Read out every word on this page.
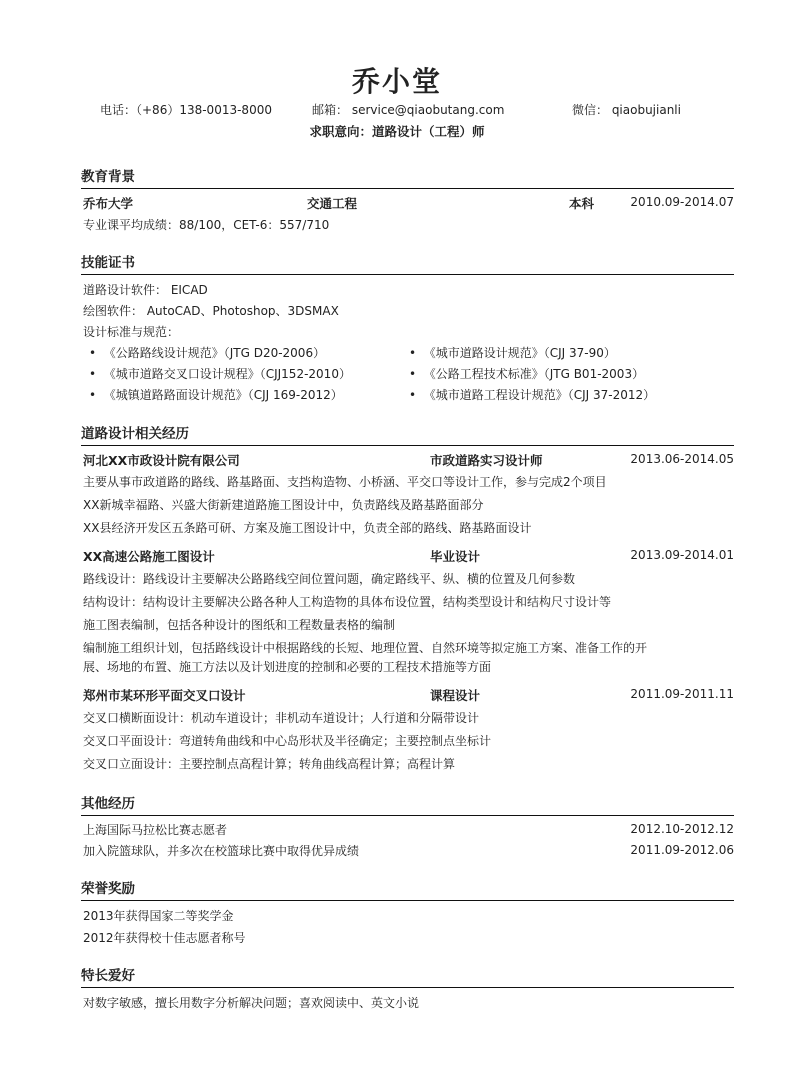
乔小堂
电话：（+86）138-0013-8000	邮箱： service@qiaobutang.com	微信： qiaobujianli
求职意向：道路设计（工程）师
教育背景
乔布大学	交通工程	本科	2010.09-2014.07
专业课平均成绩：88/100，CET-6：557/710
技能证书
道路设计软件： EICAD
绘图软件： AutoCAD、Photoshop、3DSMAX
设计标准与规范：
•  《公路路线设计规范》（JTG D20-2006）	•  《城市道路设计规范》（CJJ 37-90）
•  《城市道路交叉口设计规程》（CJJ152-2010）	•  《公路工程技术标准》（JTG B01-2003）
•  《城镇道路路面设计规范》（CJJ 169-2012）	•  《城市道路工程设计规范》（CJJ 37-2012）
道路设计相关经历
河北XX市政设计院有限公司	市政道路实习设计师	2013.06-2014.05
主要从事市政道路的路线、路基路面、支挡构造物、小桥涵、平交口等设计工作，参与完成2个项目
XX新城幸福路、兴盛大街新建道路施工图设计中，负责路线及路基路面部分
XX县经济开发区五条路可研、方案及施工图设计中，负责全部的路线、路基路面设计
XX高速公路施工图设计	毕业设计	2013.09-2014.01
路线设计：路线设计主要解决公路路线空间位置问题，确定路线平、纵、横的位置及几何参数
结构设计：结构设计主要解决公路各种人工构造物的具体布设位置，结构类型设计和结构尺寸设计等
施工图表编制，包括各种设计的图纸和工程数量表格的编制
编制施工组织计划，包括路线设计中根据路线的长短、地理位置、自然环境等拟定施工方案、准备工作的开
展、场地的布置、施工方法以及计划进度的控制和必要的工程技术措施等方面
郑州市某环形平面交叉口设计	课程设计	2011.09-2011.11
交叉口横断面设计：机动车道设计；非机动车道设计；人行道和分隔带设计
交叉口平面设计：弯道转角曲线和中心岛形状及半径确定；主要控制点坐标计
交叉口立面设计：主要控制点高程计算；转角曲线高程计算；高程计算
其他经历
上海国际马拉松比赛志愿者	2012.10-2012.12
加入院篮球队，并多次在校篮球比赛中取得优异成绩	2011.09-2012.06
荣誉奖励
2013年获得国家二等奖学金
2012年获得校十佳志愿者称号
特长爱好
对数字敏感，擅长用数字分析解决问题；喜欢阅读中、英文小说
